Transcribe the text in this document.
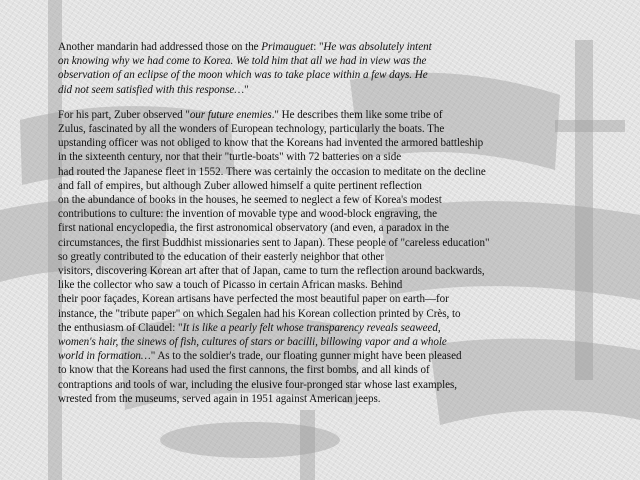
Another mandarin had addressed those on the Primauguet: "He was absolutely intent
on knowing why we had come to Korea. We told him that all we had in view was the
observation of an eclipse of the moon which was to take place within a few days. He
did not seem satisfied with this response…"
For his part, Zuber observed "our future enemies." He describes them like some tribe of
Zulus, fascinated by all the wonders of European technology, particularly the boats. The
upstanding officer was not obliged to know that the Koreans had invented the armored battleship
in the sixteenth century, nor that their "turtle-boats" with 72 batteries on a side
had routed the Japanese fleet in 1552. There was certainly the occasion to meditate on the decline
and fall of empires, but although Zuber allowed himself a quite pertinent reflection
on the abundance of books in the houses, he seemed to neglect a few of Korea's modest
contributions to culture: the invention of movable type and wood-block engraving, the
first national encyclopedia, the first astronomical observatory (and even, a paradox in the
circumstances, the first Buddhist missionaries sent to Japan). These people of "careless education"
so greatly contributed to the education of their easterly neighbor that other
visitors, discovering Korean art after that of Japan, came to turn the reflection around backwards,
like the collector who saw a touch of Picasso in certain African masks. Behind
their poor façades, Korean artisans have perfected the most beautiful paper on earth—for
instance, the "tribute paper" on which Segalen had his Korean collection printed by Crès, to
the enthusiasm of Claudel: "It is like a pearly felt whose transparency reveals seaweed,
women's hair, the sinews of fish, cultures of stars or bacilli, billowing vapor and a whole
world in formation…" As to the soldier's trade, our floating gunner might have been pleased
to know that the Koreans had used the first cannons, the first bombs, and all kinds of
contraptions and tools of war, including the elusive four-pronged star whose last examples,
wrested from the museums, served again in 1951 against American jeeps.
